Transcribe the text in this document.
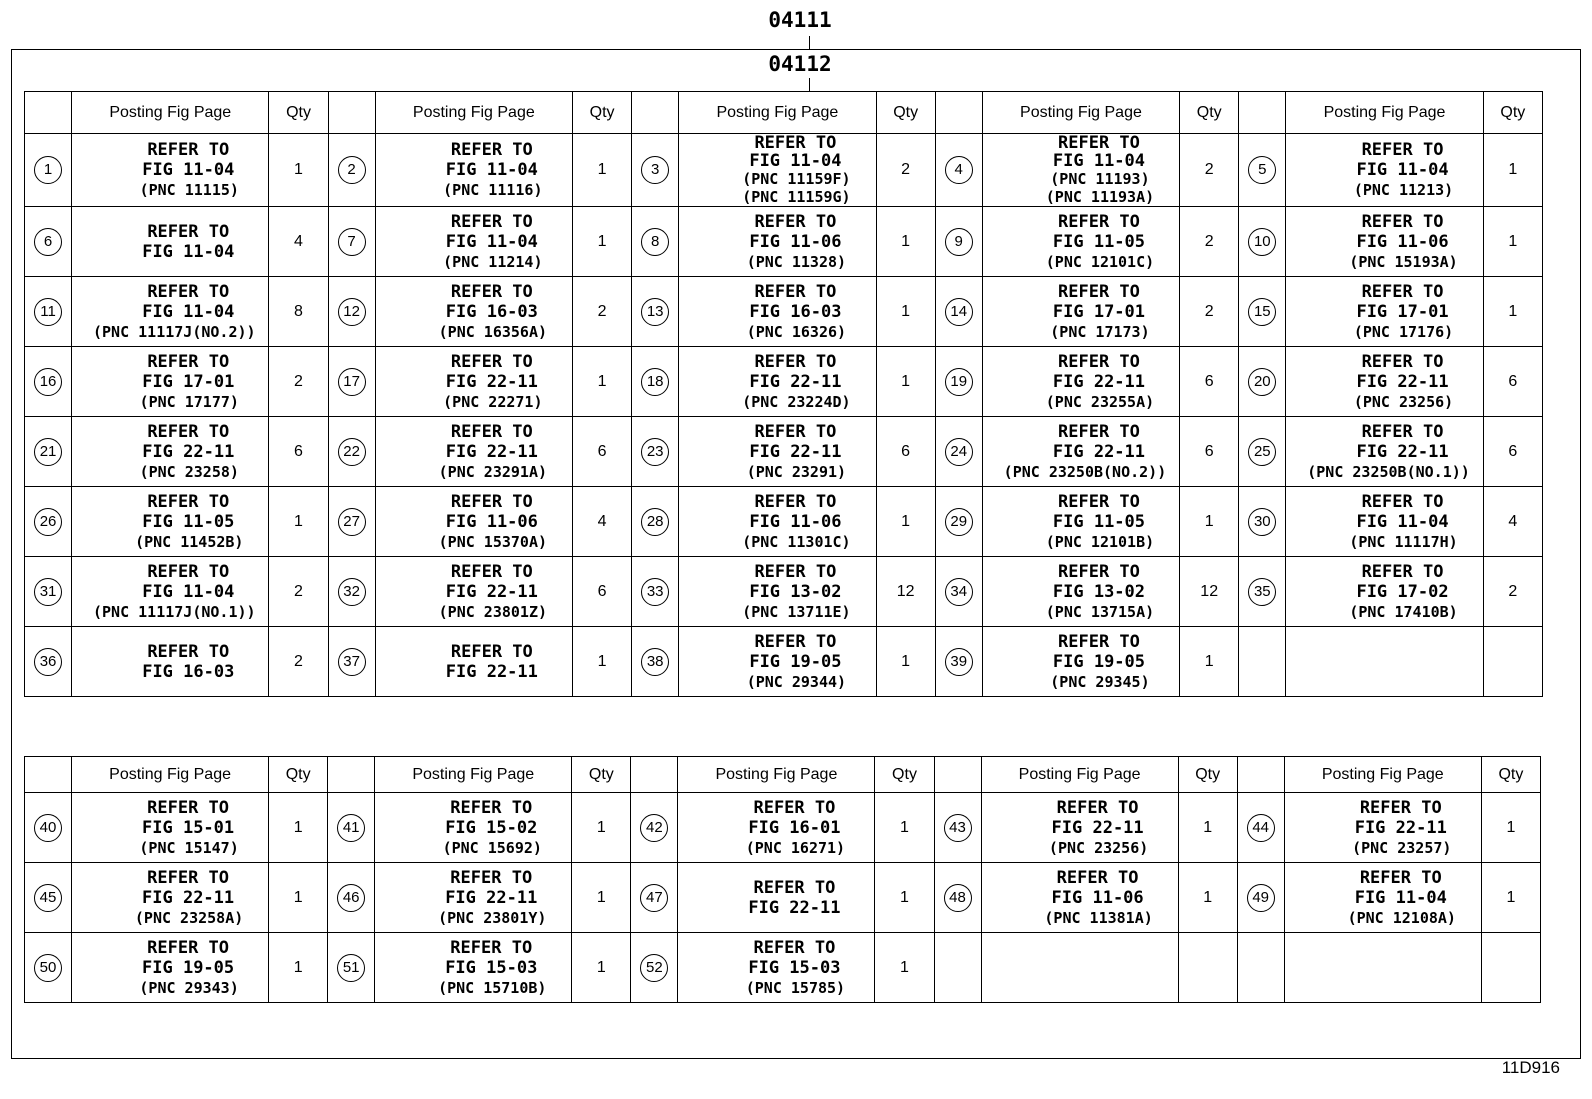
04111
04112
	Posting Fig Page	Qty		Posting Fig Page	Qty		Posting Fig Page	Qty		Posting Fig Page	Qty		Posting Fig Page	Qty
1	REFER TO
FIG 11-04
(PNC 11115)	1	2	REFER TO
FIG 11-04
(PNC 11116)	1	3	REFER TO
FIG 11-04
(PNC 11159F)
(PNC 11159G)	2	4	REFER TO
FIG 11-04
(PNC 11193)
(PNC 11193A)	2	5	REFER TO
FIG 11-04
(PNC 11213)	1
6	REFER TO
FIG 11-04	4	7	REFER TO
FIG 11-04
(PNC 11214)	1	8	REFER TO
FIG 11-06
(PNC 11328)	1	9	REFER TO
FIG 11-05
(PNC 12101C)	2	10	REFER TO
FIG 11-06
(PNC 15193A)	1
11	REFER TO
FIG 11-04
(PNC 11117J(NO.2))	8	12	REFER TO
FIG 16-03
(PNC 16356A)	2	13	REFER TO
FIG 16-03
(PNC 16326)	1	14	REFER TO
FIG 17-01
(PNC 17173)	2	15	REFER TO
FIG 17-01
(PNC 17176)	1
16	REFER TO
FIG 17-01
(PNC 17177)	2	17	REFER TO
FIG 22-11
(PNC 22271)	1	18	REFER TO
FIG 22-11
(PNC 23224D)	1	19	REFER TO
FIG 22-11
(PNC 23255A)	6	20	REFER TO
FIG 22-11
(PNC 23256)	6
21	REFER TO
FIG 22-11
(PNC 23258)	6	22	REFER TO
FIG 22-11
(PNC 23291A)	6	23	REFER TO
FIG 22-11
(PNC 23291)	6	24	REFER TO
FIG 22-11
(PNC 23250B(NO.2))	6	25	REFER TO
FIG 22-11
(PNC 23250B(NO.1))	6
26	REFER TO
FIG 11-05
(PNC 11452B)	1	27	REFER TO
FIG 11-06
(PNC 15370A)	4	28	REFER TO
FIG 11-06
(PNC 11301C)	1	29	REFER TO
FIG 11-05
(PNC 12101B)	1	30	REFER TO
FIG 11-04
(PNC 11117H)	4
31	REFER TO
FIG 11-04
(PNC 11117J(NO.1))	2	32	REFER TO
FIG 22-11
(PNC 23801Z)	6	33	REFER TO
FIG 13-02
(PNC 13711E)	12	34	REFER TO
FIG 13-02
(PNC 13715A)	12	35	REFER TO
FIG 17-02
(PNC 17410B)	2
36	REFER TO
FIG 16-03	2	37	REFER TO
FIG 22-11	1	38	REFER TO
FIG 19-05
(PNC 29344)	1	39	REFER TO
FIG 19-05
(PNC 29345)	1			
	Posting Fig Page	Qty		Posting Fig Page	Qty		Posting Fig Page	Qty		Posting Fig Page	Qty		Posting Fig Page	Qty
40	REFER TO
FIG 15-01
(PNC 15147)	1	41	REFER TO
FIG 15-02
(PNC 15692)	1	42	REFER TO
FIG 16-01
(PNC 16271)	1	43	REFER TO
FIG 22-11
(PNC 23256)	1	44	REFER TO
FIG 22-11
(PNC 23257)	1
45	REFER TO
FIG 22-11
(PNC 23258A)	1	46	REFER TO
FIG 22-11
(PNC 23801Y)	1	47	REFER TO
FIG 22-11	1	48	REFER TO
FIG 11-06
(PNC 11381A)	1	49	REFER TO
FIG 11-04
(PNC 12108A)	1
50	REFER TO
FIG 19-05
(PNC 29343)	1	51	REFER TO
FIG 15-03
(PNC 15710B)	1	52	REFER TO
FIG 15-03
(PNC 15785)	1						
11D916
